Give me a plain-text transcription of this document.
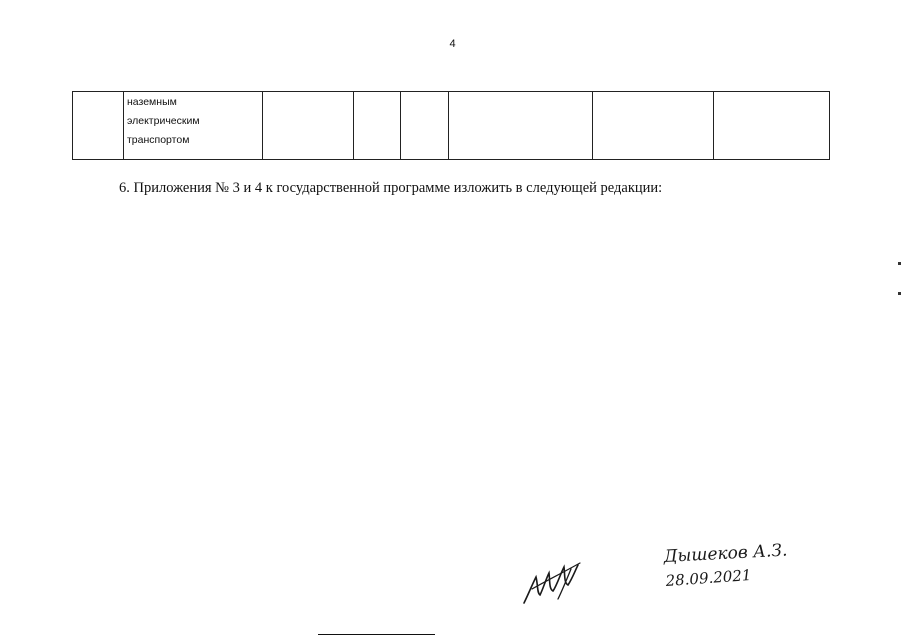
4

наземным
электрическим
транспортом

6. Приложения № 3 и 4 к государственной программе изложить в следующей редакции:
Дышеков А.З.
28.09.2021
